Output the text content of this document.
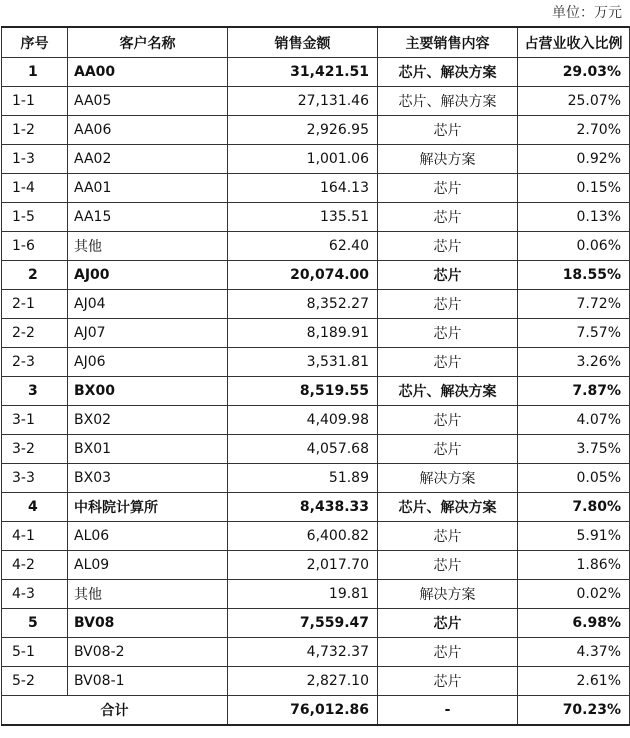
单位：万元
序号	客户名称	销售金额	主要销售内容	占营业收入比例
1	AA00	31,421.51	芯片、解决方案	29.03%
1-1	AA05	27,131.46	芯片、解决方案	25.07%
1-2	AA06	2,926.95	芯片	2.70%
1-3	AA02	1,001.06	解决方案	0.92%
1-4	AA01	164.13	芯片	0.15%
1-5	AA15	135.51	芯片	0.13%
1-6	其他	62.40	芯片	0.06%
2	AJ00	20,074.00	芯片	18.55%
2-1	AJ04	8,352.27	芯片	7.72%
2-2	AJ07	8,189.91	芯片	7.57%
2-3	AJ06	3,531.81	芯片	3.26%
3	BX00	8,519.55	芯片、解决方案	7.87%
3-1	BX02	4,409.98	芯片	4.07%
3-2	BX01	4,057.68	芯片	3.75%
3-3	BX03	51.89	解决方案	0.05%
4	中科院计算所	8,438.33	芯片、解决方案	7.80%
4-1	AL06	6,400.82	芯片	5.91%
4-2	AL09	2,017.70	芯片	1.86%
4-3	其他	19.81	解决方案	0.02%
5	BV08	7,559.47	芯片	6.98%
5-1	BV08-2	4,732.37	芯片	4.37%
5-2	BV08-1	2,827.10	芯片	2.61%
合计		76,012.86	-	70.23%
